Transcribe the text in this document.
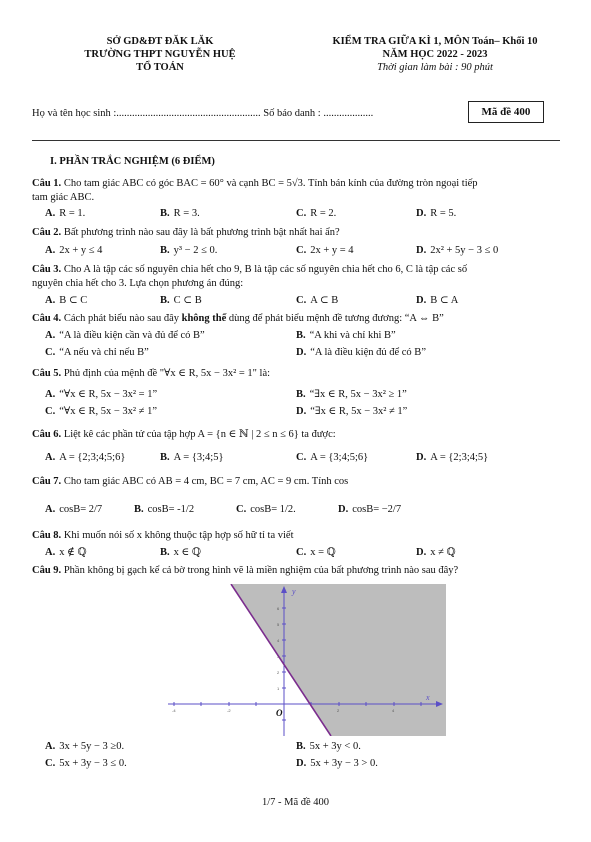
SỞ GD&ĐT ĐĂK LĂK
TRƯỜNG THPT NGUYỄN HUỆ
TỔ TOÁN
KIỂM TRA GIỮA KÌ 1, MÔN Toán– Khối 10
NĂM HỌC 2022 - 2023
Thời gian làm bài : 90 phút
Họ và tên học sinh :....................................................... Số báo danh : ...................	Mã đề 400
I. PHẦN TRẮC NGHIỆM (6 ĐIỂM)
Câu 1. Cho tam giác ABC có góc BAC = 60° và cạnh BC = 5√3. Tính bán kính của đường tròn ngoại tiếp
tam giác ABC.
A. R = 1.	B. R = 3.	C. R = 2.	D. R = 5.
Câu 2. Bất phương trình nào sau đây là bất phương trình bật nhất hai ẩn?
A. 2x + y ≤ 4	B. y³ − 2 ≤ 0.	C. 2x + y = 4	D. 2x² + 5y − 3 ≤ 0
Câu 3. Cho A là tập các số nguyên chia hết cho 9, B là tập các số nguyên chia hết cho 6, C là tập các số
nguyên chia hết cho 3. Lựa chọn phương án đúng:
A. B ⊂ C	B. C ⊂ B	C. A ⊂ B	D. B ⊂ A
Câu 4. Cách phát biểu nào sau đây không thể dùng để phát biểu mệnh đề tương đương: “A ⇔ B”
A. “A là điều kiện cần và đủ để có B”	B. “A khi và chỉ khi B”
C. “A nếu và chỉ nếu B”	D. “A là điều kiện đủ để có B”
Câu 5. Phủ định của mệnh đề "∀x ∈ R, 5x − 3x² = 1" là:
A. “∀x ∈ R, 5x − 3x² = 1”	B. “∃x ∈ R, 5x − 3x² ≥ 1”
C. “∀x ∈ R, 5x − 3x² ≠ 1”	D. “∃x ∈ R, 5x − 3x² ≠ 1”
Câu 6. Liệt kê các phần tử của tập hợp A = {n ∈ ℕ | 2 ≤ n ≤ 6} ta được:
A. A = {2;3;4;5;6}	B. A = {3;4;5}	C. A = {3;4;5;6}	D. A = {2;3;4;5}
Câu 7. Cho tam giác ABC có AB = 4 cm, BC = 7 cm, AC = 9 cm. Tính cos
A. cosB= 2/7	B. cosB= -1/2	C. cosB= 1/2.	D. cosB= −2/7
Câu 8. Khi muốn nói số x không thuộc tập hợp số hữ tỉ ta viết
A. x ∉ ℚ	B. x ∈ ℚ	C. x = ℚ	D. x ≠ ℚ
Câu 9. Phần không bị gạch kể cả bờ trong hình vẽ là miền nghiệm của bất phương trình nào sau đây?
-4	-2	2	4
2
4
6
5
1
y
x
O
A. 3x + 5y − 3 ≥0.	B. 5x + 3y < 0.
C. 5x + 3y − 3 ≤ 0.	D. 5x + 3y − 3 > 0.
1/7 - Mã đề 400
